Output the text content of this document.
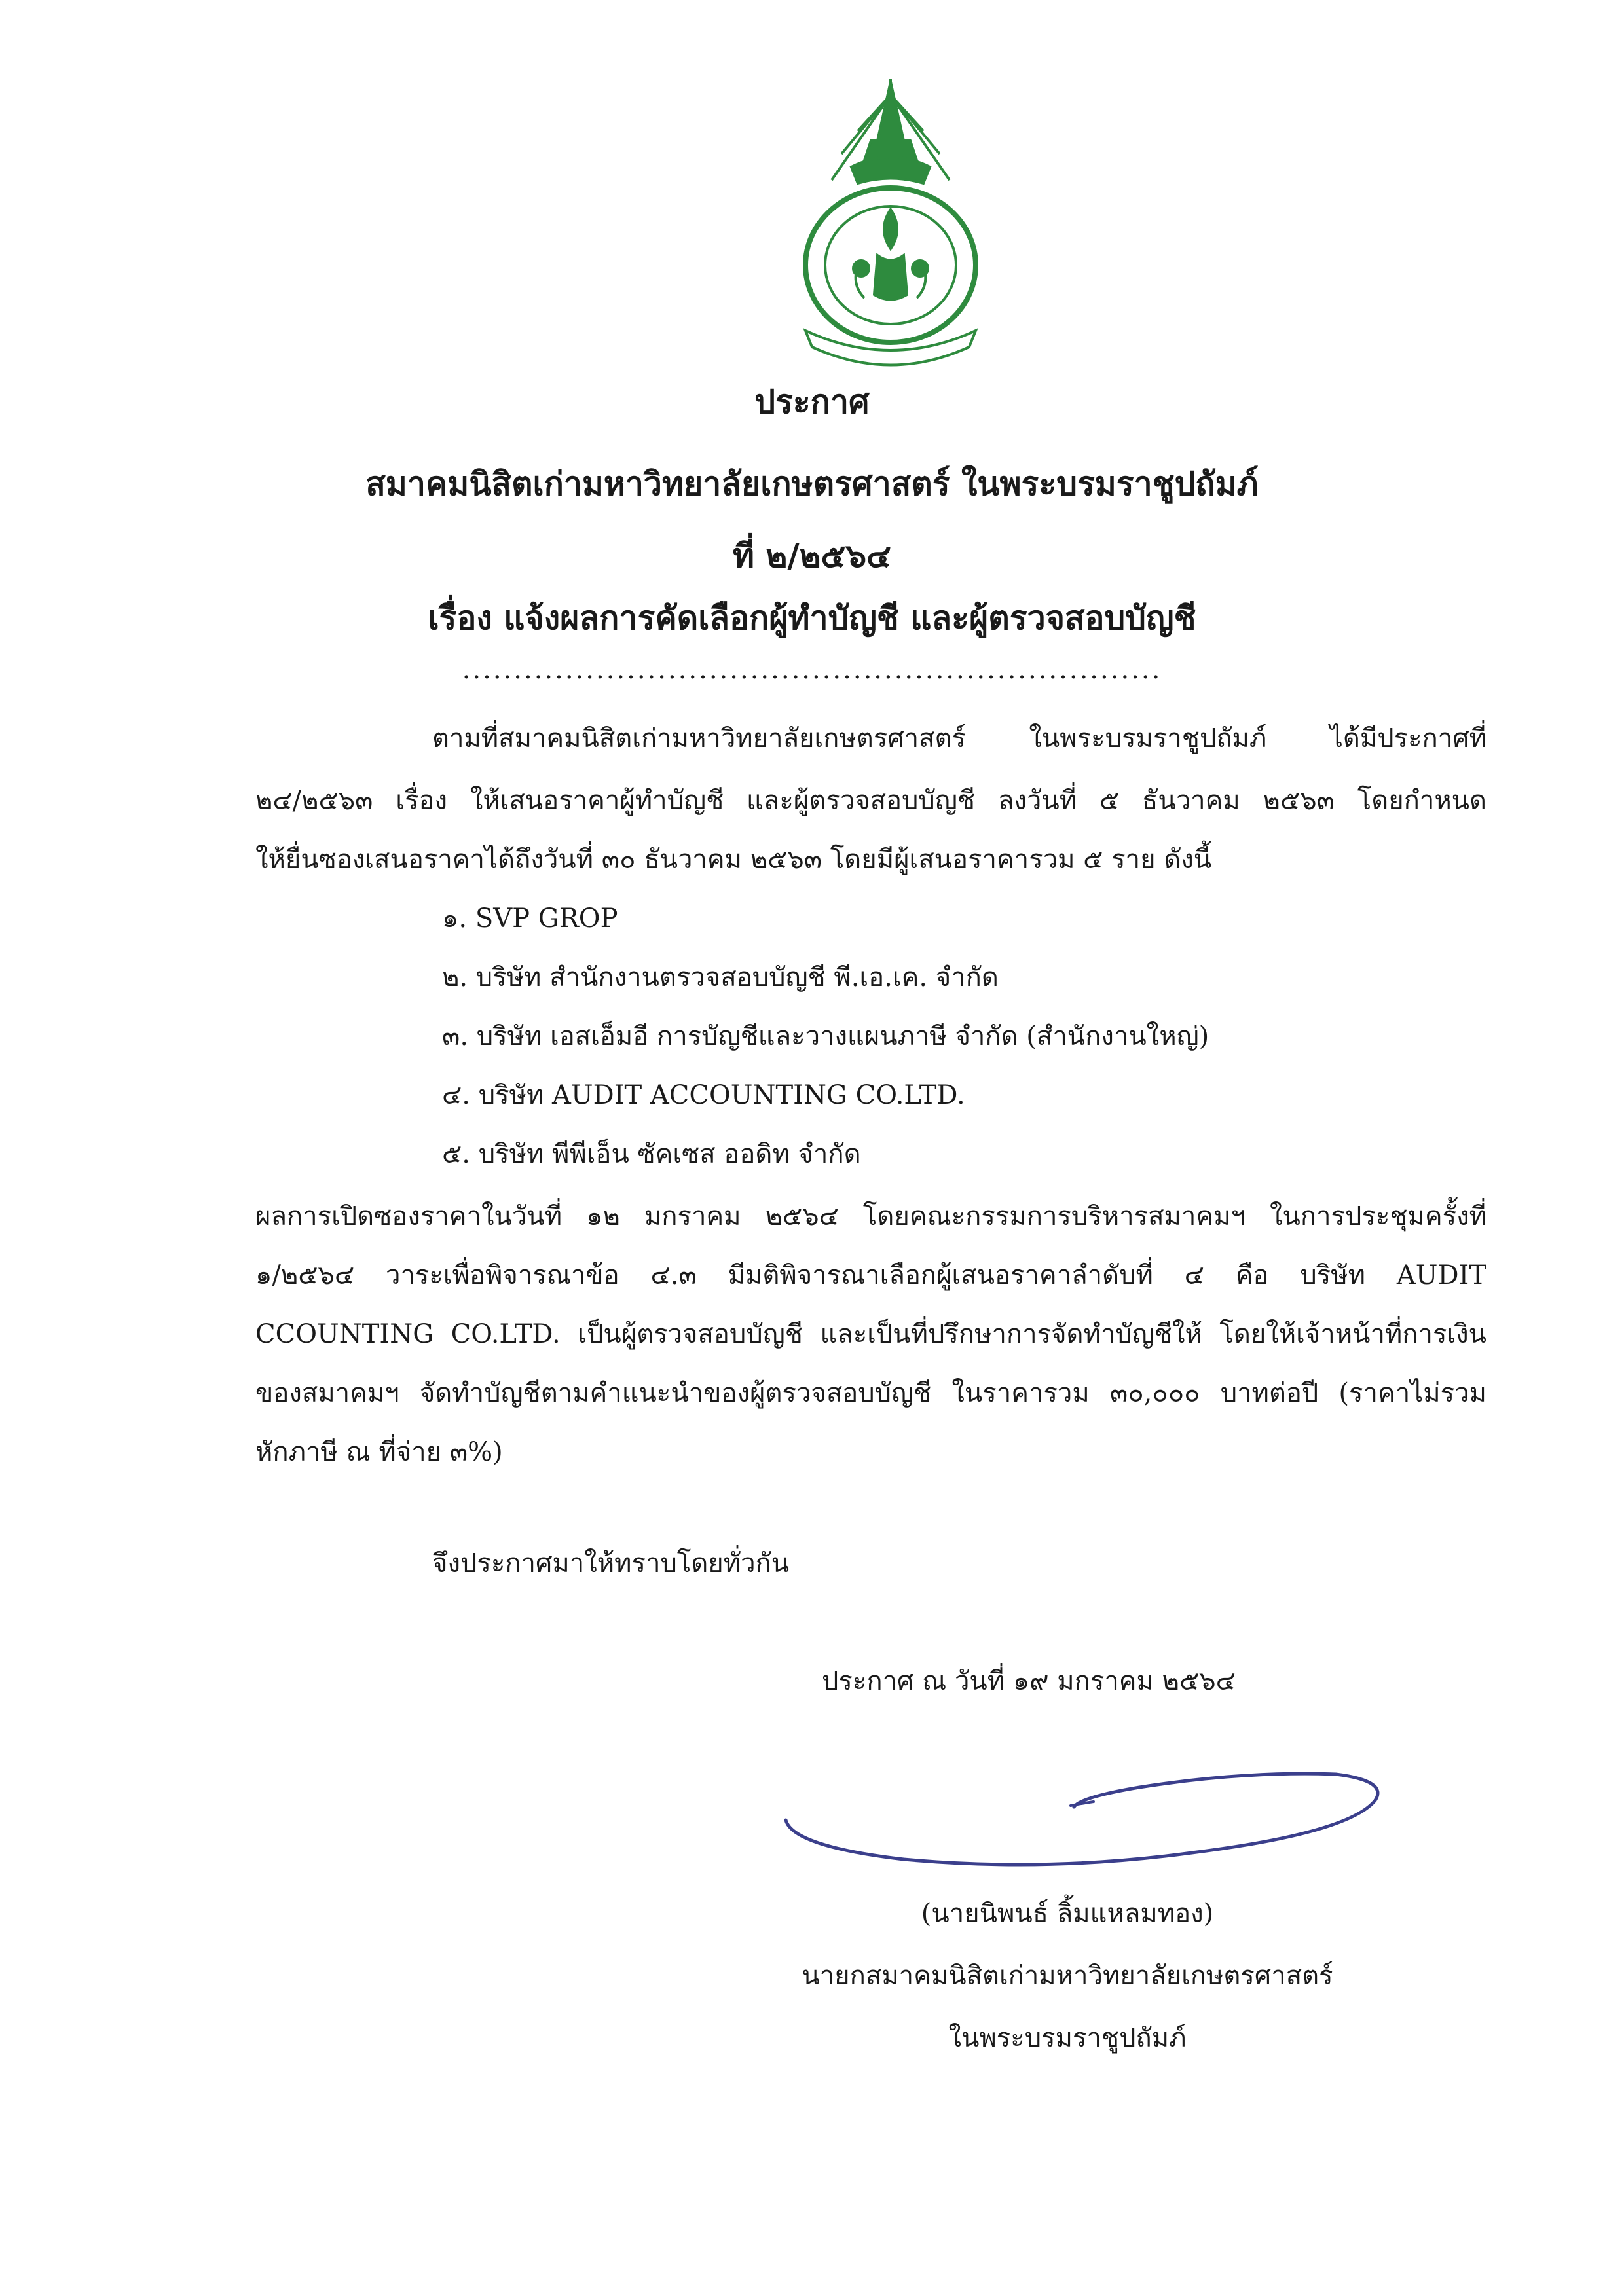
ประกาศ
สมาคมนิสิตเก่ามหาวิทยาลัยเกษตรศาสตร์ ในพระบรมราชูปถัมภ์
ที่ ๒/๒๕๖๔
เรื่อง แจ้งผลการคัดเลือกผู้ทำบัญชี และผู้ตรวจสอบบัญชี
....................................................................
ตามที่สมาคมนิสิตเก่ามหาวิทยาลัยเกษตรศาสตร์ ในพระบรมราชูปถัมภ์ ได้มีประกาศที่
๒๔/๒๕๖๓ เรื่อง ให้เสนอราคาผู้ทำบัญชี และผู้ตรวจสอบบัญชี ลงวันที่ ๕ ธันวาคม ๒๕๖๓ โดยกำหนด
ให้ยื่นซองเสนอราคาได้ถึงวันที่ ๓๐ ธันวาคม ๒๕๖๓ โดยมีผู้เสนอราคารวม ๕ ราย ดังนี้
๑. SVP GROP
๒. บริษัท สำนักงานตรวจสอบบัญชี พี.เอ.เค. จำกัด
๓. บริษัท เอสเอ็มอี การบัญชีและวางแผนภาษี จำกัด (สำนักงานใหญ่)
๔. บริษัท AUDIT ACCOUNTING CO.LTD.
๕. บริษัท พีพีเอ็น ซัคเซส ออดิท จำกัด
ผลการเปิดซองราคาในวันที่ ๑๒ มกราคม ๒๕๖๔ โดยคณะกรรมการบริหารสมาคมฯ ในการประชุมครั้งที่
๑/๒๕๖๔ วาระเพื่อพิจารณาข้อ ๔.๓ มีมติพิจารณาเลือกผู้เสนอราคาลำดับที่ ๔ คือ บริษัท AUDIT
CCOUNTING CO.LTD. เป็นผู้ตรวจสอบบัญชี และเป็นที่ปรึกษาการจัดทำบัญชีให้ โดยให้เจ้าหน้าที่การเงิน
ของสมาคมฯ จัดทำบัญชีตามคำแนะนำของผู้ตรวจสอบบัญชี ในราคารวม ๓๐,๐๐๐ บาทต่อปี (ราคาไม่รวม
หักภาษี ณ ที่จ่าย ๓%)
จึงประกาศมาให้ทราบโดยทั่วกัน
ประกาศ ณ วันที่ ๑๙ มกราคม ๒๕๖๔
(นายนิพนธ์ ลิ้มแหลมทอง)
นายกสมาคมนิสิตเก่ามหาวิทยาลัยเกษตรศาสตร์
ในพระบรมราชูปถัมภ์
